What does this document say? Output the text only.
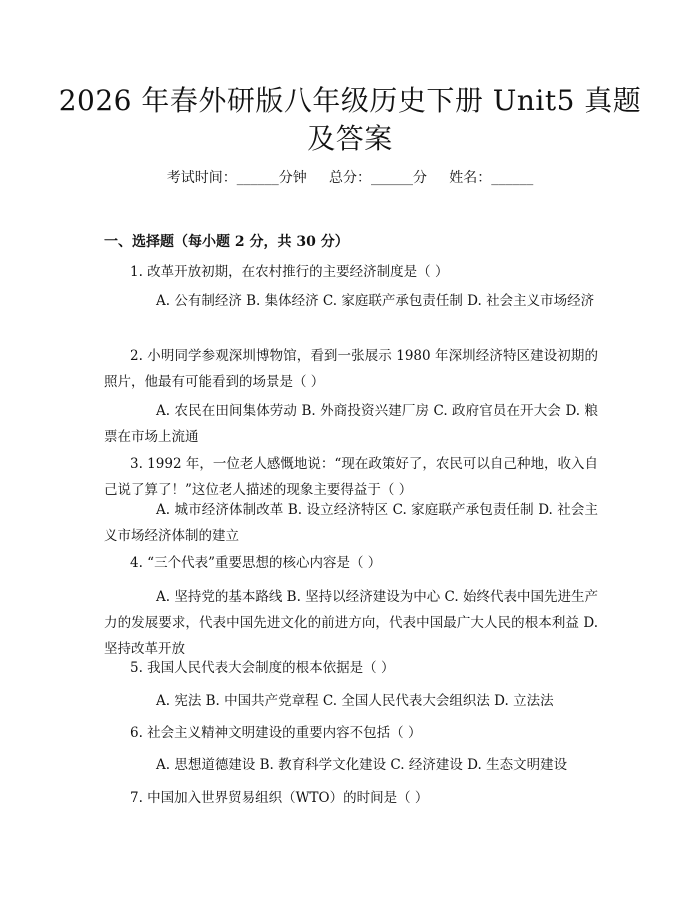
2026 年春外研版八年级历史下册 Unit5 真题
及答案
考试时间：______分钟     总分：______分     姓名：______
一、选择题（每小题 2 分，共 30 分）
1. 改革开放初期，在农村推行的主要经济制度是（ ）
A. 公有制经济 B. 集体经济 C. 家庭联产承包责任制 D. 社会主义市场经济
2. 小明同学参观深圳博物馆，看到一张展示 1980 年深圳经济特区建设初期的照片，他最有可能看到的场景是（ ）
A. 农民在田间集体劳动 B. 外商投资兴建厂房 C. 政府官员在开大会 D. 粮票在市场上流通
3. 1992 年，一位老人感慨地说：“现在政策好了，农民可以自己种地，收入自己说了算了！”这位老人描述的现象主要得益于（ ）
A. 城市经济体制改革 B. 设立经济特区 C. 家庭联产承包责任制 D. 社会主义市场经济体制的建立
4. “三个代表”重要思想的核心内容是（ ）
A. 坚持党的基本路线 B. 坚持以经济建设为中心 C. 始终代表中国先进生产力的发展要求，代表中国先进文化的前进方向，代表中国最广大人民的根本利益 D. 坚持改革开放
5. 我国人民代表大会制度的根本依据是（ ）
A. 宪法 B. 中国共产党章程 C. 全国人民代表大会组织法 D. 立法法
6. 社会主义精神文明建设的重要内容不包括（ ）
A. 思想道德建设 B. 教育科学文化建设 C. 经济建设 D. 生态文明建设
7. 中国加入世界贸易组织（WTO）的时间是（ ）
